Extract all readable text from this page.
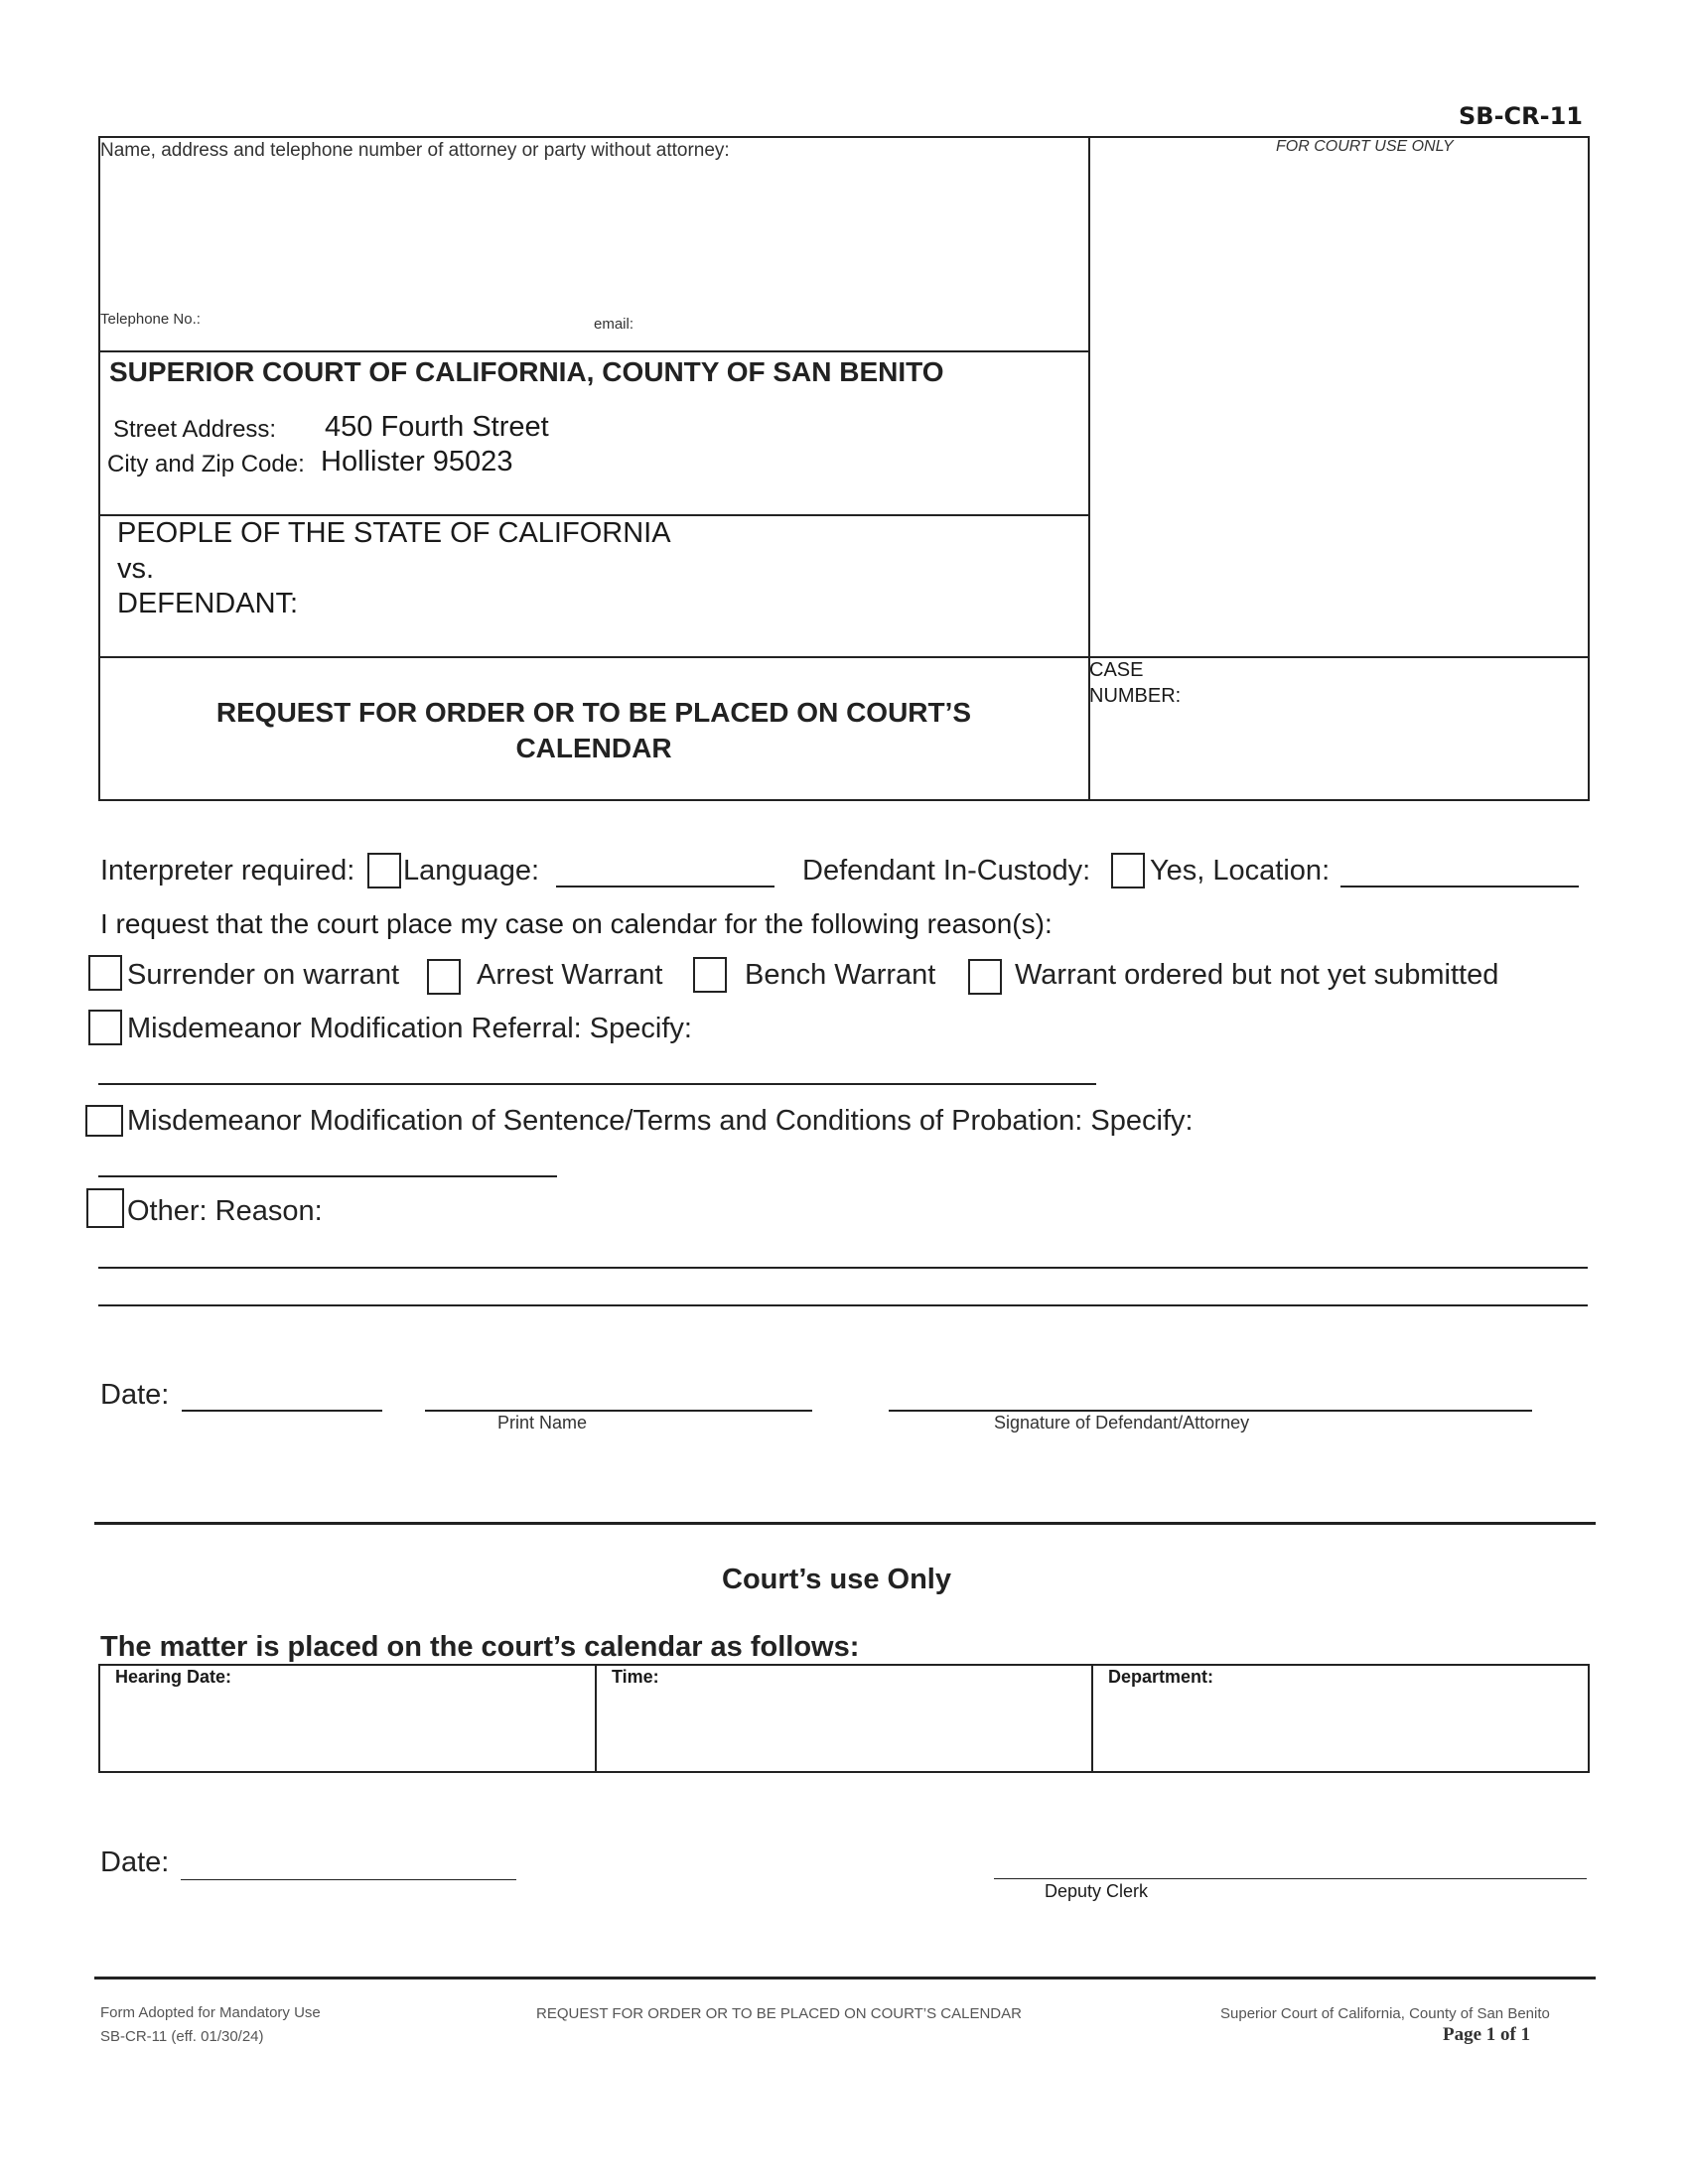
SB-CR-11
Name, address and telephone number of attorney or party without attorney:
Telephone No.:	email:
FOR COURT USE ONLY
SUPERIOR COURT OF CALIFORNIA, COUNTY OF SAN BENITO
Street Address: 450 Fourth Street
City and Zip Code: Hollister 95023
PEOPLE OF THE STATE OF CALIFORNIA
vs.
DEFENDANT:
REQUEST FOR ORDER OR TO BE PLACED ON COURT’S
CALENDAR
CASE
NUMBER:
Interpreter required: Language:	Defendant In-Custody: Yes, Location:
I request that the court place my case on calendar for the following reason(s):
Surrender on warrant	Arrest Warrant	Bench Warrant	Warrant ordered but not yet submitted
Misdemeanor Modification Referral: Specify:
Misdemeanor Modification of Sentence/Terms and Conditions of Probation: Specify:
Other: Reason:
Date:
Print Name	Signature of Defendant/Attorney
Court’s use Only
The matter is placed on the court’s calendar as follows:
Hearing Date:	Time:	Department:
Date:
Deputy Clerk
Form Adopted for Mandatory Use
SB-CR-11 (eff. 01/30/24)
REQUEST FOR ORDER OR TO BE PLACED ON COURT’S CALENDAR	Superior Court of California, County of San Benito
Page 1 of 1
